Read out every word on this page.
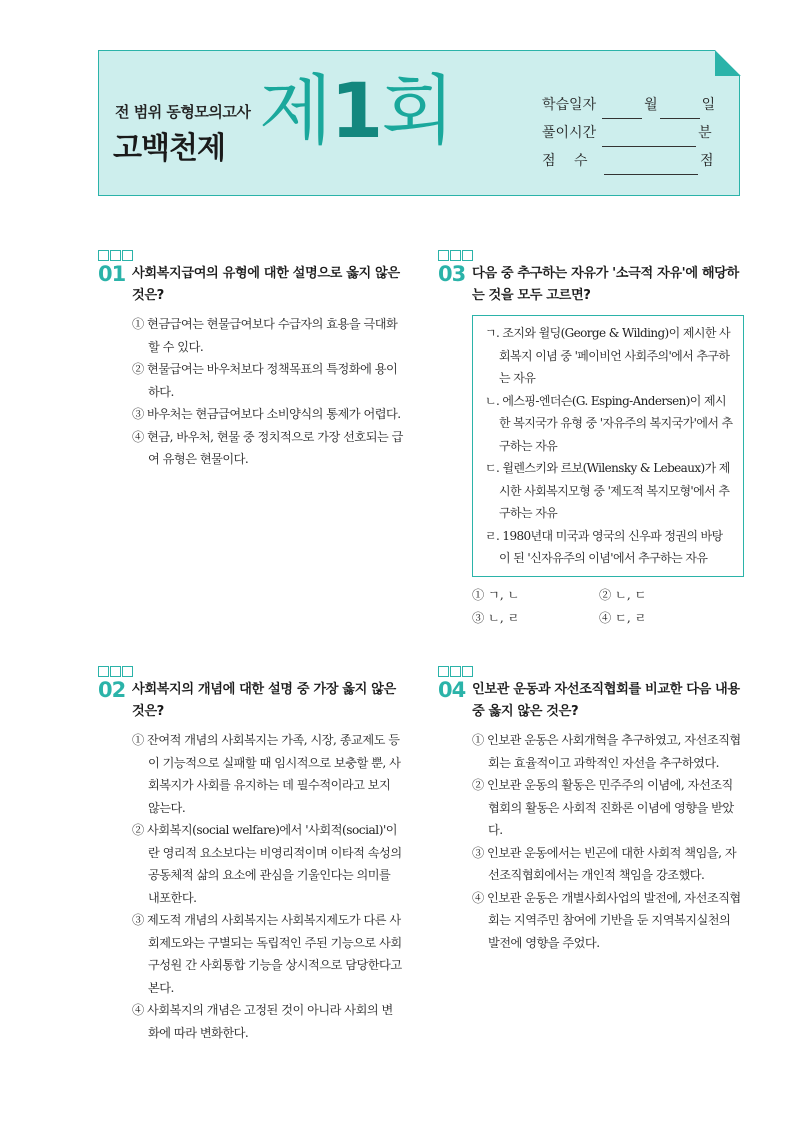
전 범위 동형모의고사
고백천제 제1회	학습일자	월	일
풀이시간	분
점　 수	점
01 사회복지급여의 유형에 대한 설명으로 옳지 않은 것은?
① 현금급여는 현물급여보다 수급자의 효용을 극대화할 수 있다.
② 현물급여는 바우처보다 정책목표의 특정화에 용이하다.
③ 바우처는 현금급여보다 소비양식의 통제가 어렵다.
④ 현금, 바우처, 현물 중 정치적으로 가장 선호되는 급여 유형은 현물이다.
02 사회복지의 개념에 대한 설명 중 가장 옳지 않은 것은?
① 잔여적 개념의 사회복지는 가족, 시장, 종교제도 등이 기능적으로 실패할 때 임시적으로 보충할 뿐, 사회복지가 사회를 유지하는 데 필수적이라고 보지 않는다.
② 사회복지(social welfare)에서 '사회적(social)'이란 영리적 요소보다는 비영리적이며 이타적 속성의 공동체적 삶의 요소에 관심을 기울인다는 의미를 내포한다.
③ 제도적 개념의 사회복지는 사회복지제도가 다른 사회제도와는 구별되는 독립적인 주된 기능으로 사회구성원 간 사회통합 기능을 상시적으로 담당한다고 본다.
④ 사회복지의 개념은 고정된 것이 아니라 사회의 변화에 따라 변화한다.
03 다음 중 추구하는 자유가 '소극적 자유'에 해당하는 것을 모두 고르면?
ㄱ. 조지와 윌딩(George & Wilding)이 제시한 사회복지 이념 중 '페이비언 사회주의'에서 추구하는 자유
ㄴ. 에스핑-엔더슨(G. Esping-Andersen)이 제시한 복지국가 유형 중 '자유주의 복지국가'에서 추구하는 자유
ㄷ. 윌렌스키와 르보(Wilensky & Lebeaux)가 제시한 사회복지모형 중 '제도적 복지모형'에서 추구하는 자유
ㄹ. 1980년대 미국과 영국의 신우파 정권의 바탕이 된 '신자유주의 이념'에서 추구하는 자유
① ㄱ, ㄴ	② ㄴ, ㄷ
③ ㄴ, ㄹ	④ ㄷ, ㄹ
04 인보관 운동과 자선조직협회를 비교한 다음 내용 중 옳지 않은 것은?
① 인보관 운동은 사회개혁을 추구하였고, 자선조직협회는 효율적이고 과학적인 자선을 추구하였다.
② 인보관 운동의 활동은 민주주의 이념에, 자선조직협회의 활동은 사회적 진화론 이념에 영향을 받았다.
③ 인보관 운동에서는 빈곤에 대한 사회적 책임을, 자선조직협회에서는 개인적 책임을 강조했다.
④ 인보관 운동은 개별사회사업의 발전에, 자선조직협회는 지역주민 참여에 기반을 둔 지역복지실천의 발전에 영향을 주었다.
